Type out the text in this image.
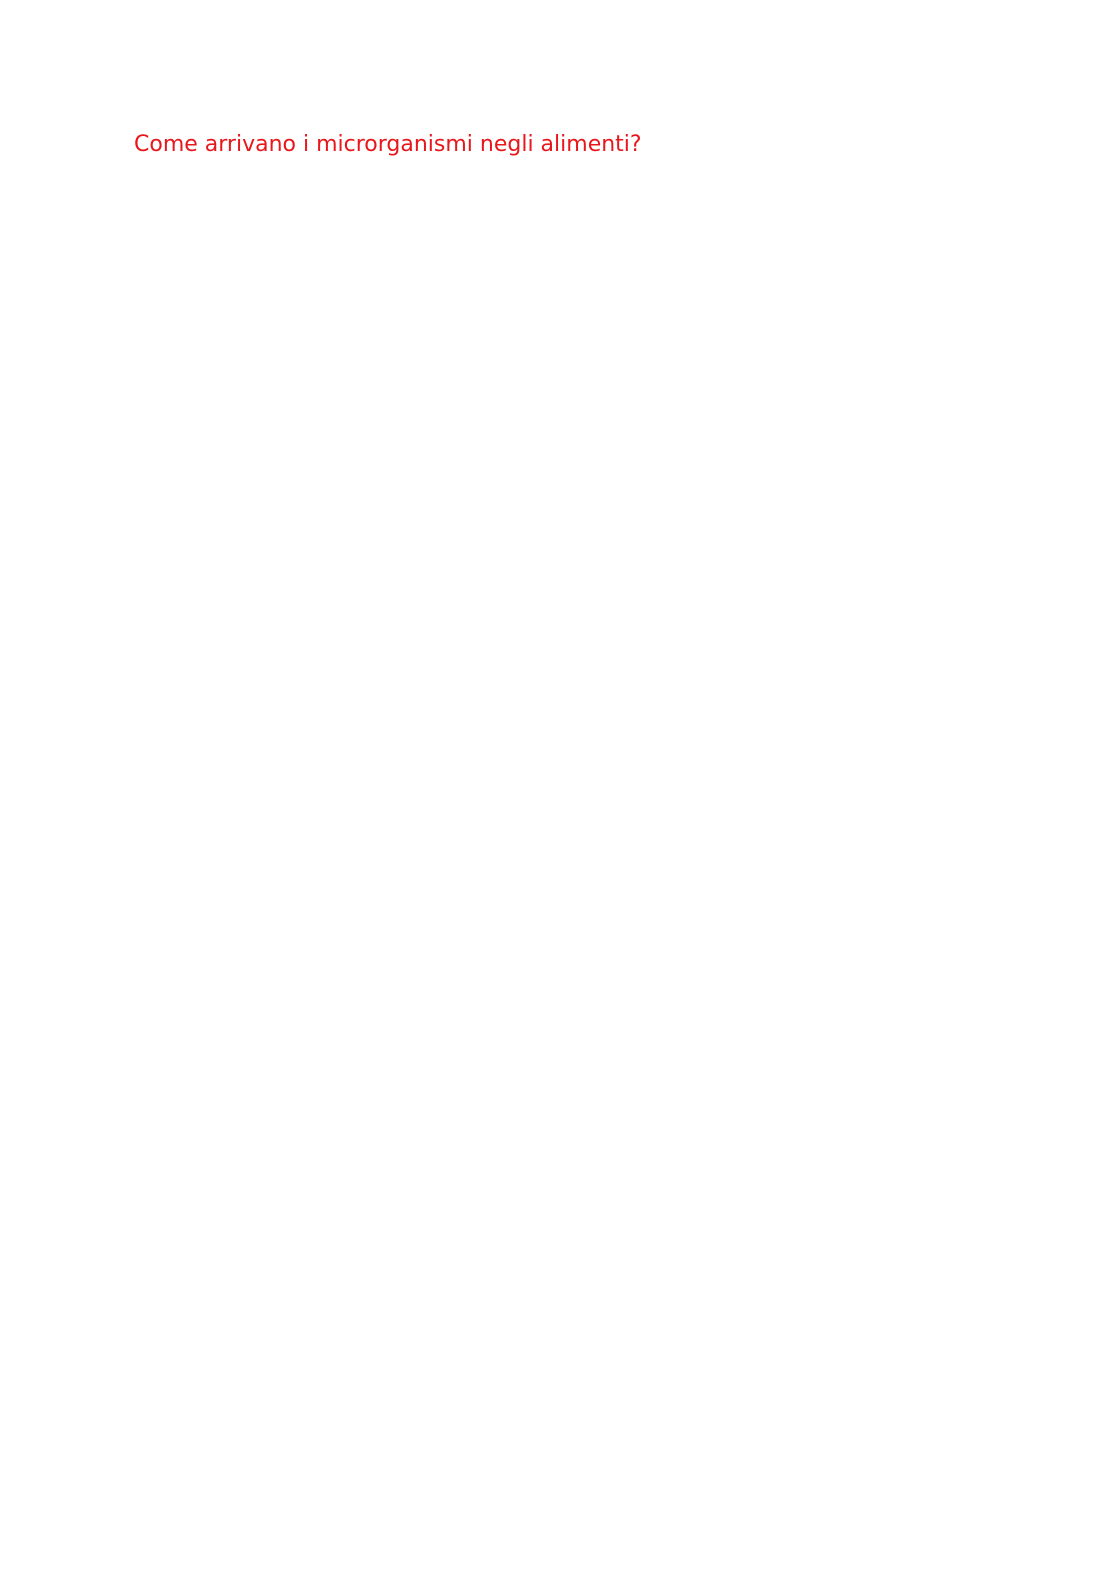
Come arrivano i microrganismi negli alimenti?
